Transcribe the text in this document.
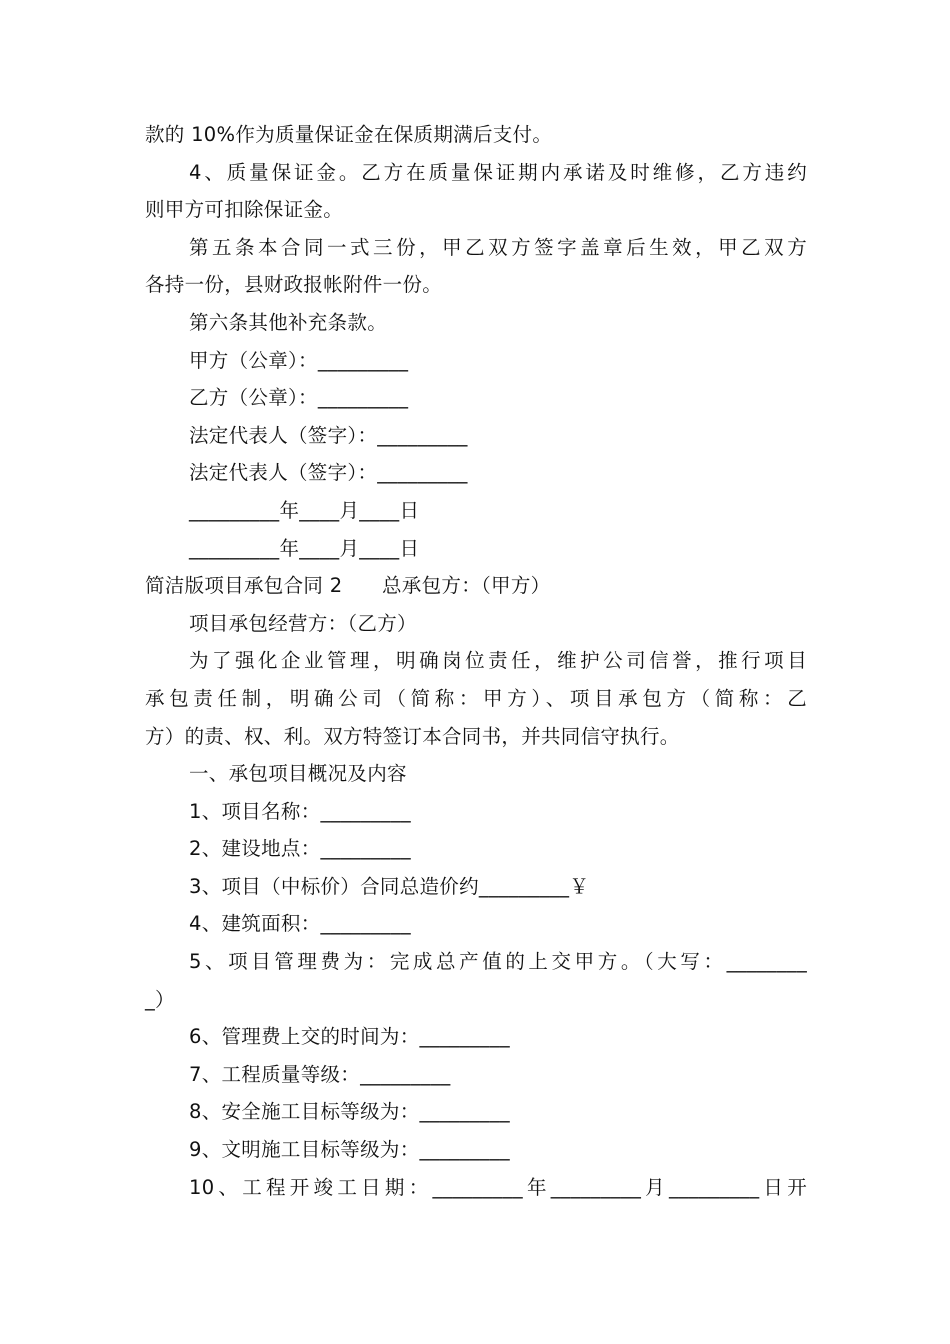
款的 10%作为质量保证金在保质期满后支付。
4、质量保证金。乙方在质量保证期内承诺及时维修，乙方违约
则甲方可扣除保证金。
第五条本合同一式三份，甲乙双方签字盖章后生效，甲乙双方
各持一份，县财政报帐附件一份。
第六条其他补充条款。
甲方（公章）：_________
乙方（公章）：_________
法定代表人（签字）：_________
法定代表人（签字）：_________
_________年____月____日
_________年____月____日
简洁版项目承包合同 2　　总承包方：（甲方）
项目承包经营方：（乙方）
为了强化企业管理，明确岗位责任，维护公司信誉，推行项目
承包责任制，明确公司（简称：甲方）、项目承包方（简称：乙
方）的责、权、利。双方特签订本合同书，并共同信守执行。
一、承包项目概况及内容
1、项目名称：_________
2、建设地点：_________
3、项目（中标价）合同总造价约_________￥
4、建筑面积：_________
5、项目管理费为：完成总产值的上交甲方。（大写：________
_）
6、管理费上交的时间为：_________
7、工程质量等级：_________
8、安全施工目标等级为：_________
9、文明施工目标等级为：_________
10、工程开竣工日期：_________年_________月_________日开
